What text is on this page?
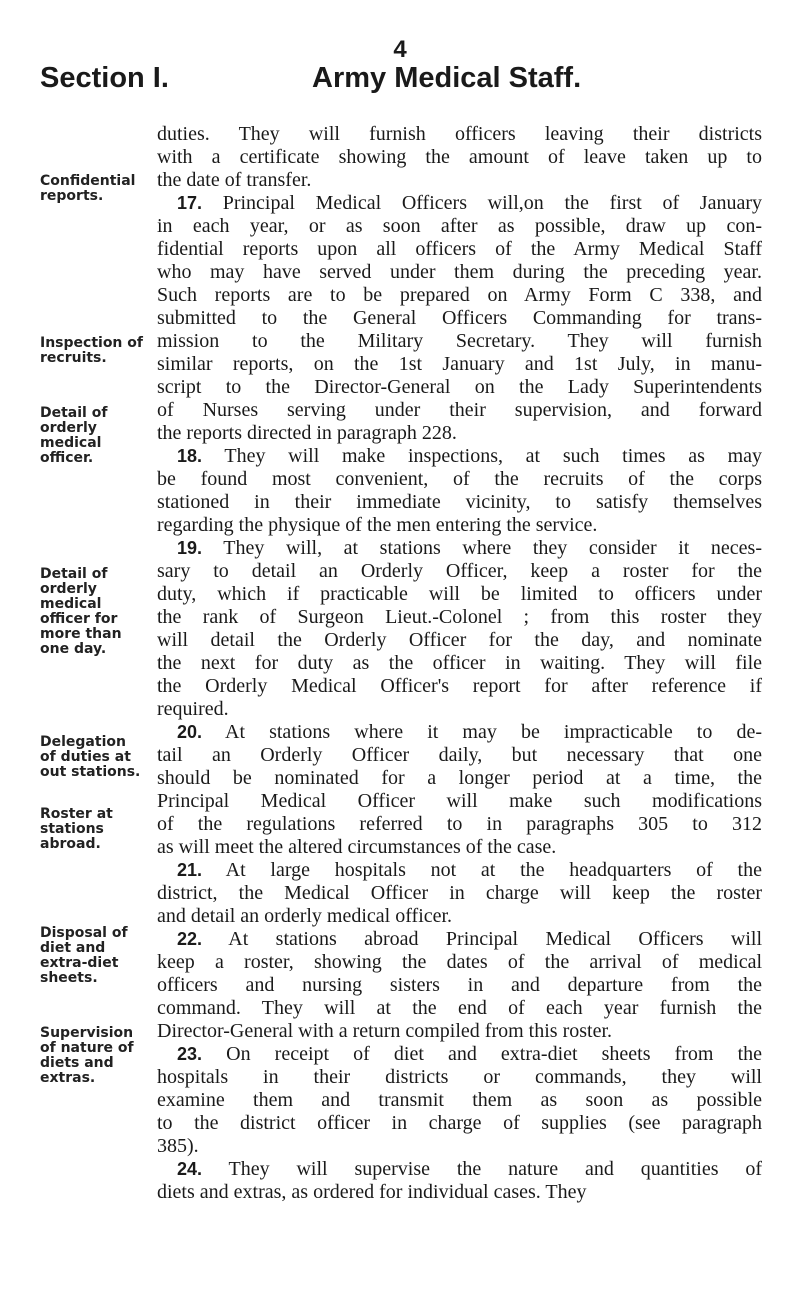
4
Section I.	Army Medical Staff.
Confidential
reports.
Inspection of
recruits.
Detail of
orderly
medical
officer.
Detail of
orderly
medical
officer for
more than
one day.
Delegation
of duties at
out stations.
Roster at
stations
abroad.
Disposal of
diet and
extra-diet
sheets.
Supervision
of nature of
diets and
extras.
duties. They will furnish officers leaving their districts
with a certificate showing the amount of leave taken up to
the date of transfer.
17. Principal Medical Officers will,on the first of January
in each year, or as soon after as possible, draw up con-
fidential reports upon all officers of the Army Medical Staff
who may have served under them during the preceding year.
Such reports are to be prepared on Army Form C 338, and
submitted to the General Officers Commanding for trans-
mission to the Military Secretary. They will furnish
similar reports, on the 1st January and 1st July, in manu-
script to the Director-General on the Lady Superintendents
of Nurses serving under their supervision, and forward
the reports directed in paragraph 228.
18. They will make inspections, at such times as may
be found most convenient, of the recruits of the corps
stationed in their immediate vicinity, to satisfy themselves
regarding the physique of the men entering the service.
19. They will, at stations where they consider it neces-
sary to detail an Orderly Officer, keep a roster for the
duty, which if practicable will be limited to officers under
the rank of Surgeon Lieut.-Colonel ; from this roster they
will detail the Orderly Officer for the day, and nominate
the next for duty as the officer in waiting. They will file
the Orderly Medical Officer's report for after reference if
required.
20. At stations where it may be impracticable to de-
tail an Orderly Officer daily, but necessary that one
should be nominated for a longer period at a time, the
Principal Medical Officer will make such modifications
of the regulations referred to in paragraphs 305 to 312
as will meet the altered circumstances of the case.
21. At large hospitals not at the headquarters of the
district, the Medical Officer in charge will keep the roster
and detail an orderly medical officer.
22. At stations abroad Principal Medical Officers will
keep a roster, showing the dates of the arrival of medical
officers and nursing sisters in and departure from the
command. They will at the end of each year furnish the
Director-General with a return compiled from this roster.
23. On receipt of diet and extra-diet sheets from the
hospitals in their districts or commands, they will
examine them and transmit them as soon as possible
to the district officer in charge of supplies (see paragraph
385).
24. They will supervise the nature and quantities of
diets and extras, as ordered for individual cases. They
